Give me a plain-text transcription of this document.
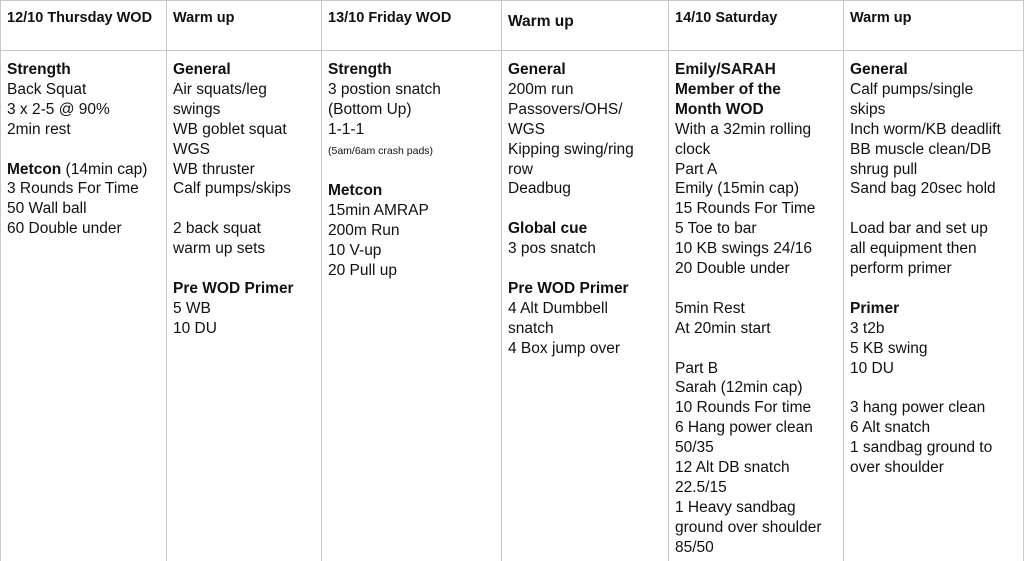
12/10 Thursday WOD
Strength
Back Squat
3 x 2-5 @ 90%
2min rest
Metcon (14min cap)
3 Rounds For Time
50 Wall ball
60 Double under
Warm up
General
Air squats/leg
swings
WB goblet squat
WGS
WB thruster
Calf pumps/skips
2 back squat
warm up sets
Pre WOD Primer
5 WB
10 DU
13/10 Friday WOD
Strength
3 postion snatch
(Bottom Up)
1-1-1
(5am/6am crash pads)
Metcon
15min AMRAP
200m Run
10 V-up
20 Pull up
Warm up
General
200m run
Passovers/OHS/
WGS
Kipping swing/ring
row
Deadbug
Global cue
3 pos snatch
Pre WOD Primer
4 Alt Dumbbell
snatch
4 Box jump over
14/10 Saturday
Emily/SARAH
Member of the
Month WOD
With a 32min rolling
clock
Part A
Emily (15min cap)
15 Rounds For Time
5 Toe to bar
10 KB swings 24/16
20 Double under
5min Rest
At 20min start
Part B
Sarah (12min cap)
10 Rounds For time
6 Hang power clean
50/35
12 Alt DB snatch
22.5/15
1 Heavy sandbag
ground over shoulder
85/50
Warm up
General
Calf pumps/single
skips
Inch worm/KB deadlift
BB muscle clean/DB
shrug pull
Sand bag 20sec hold
Load bar and set up
all equipment then
perform primer
Primer
3 t2b
5 KB swing
10 DU
3 hang power clean
6 Alt snatch
1 sandbag ground to
over shoulder
